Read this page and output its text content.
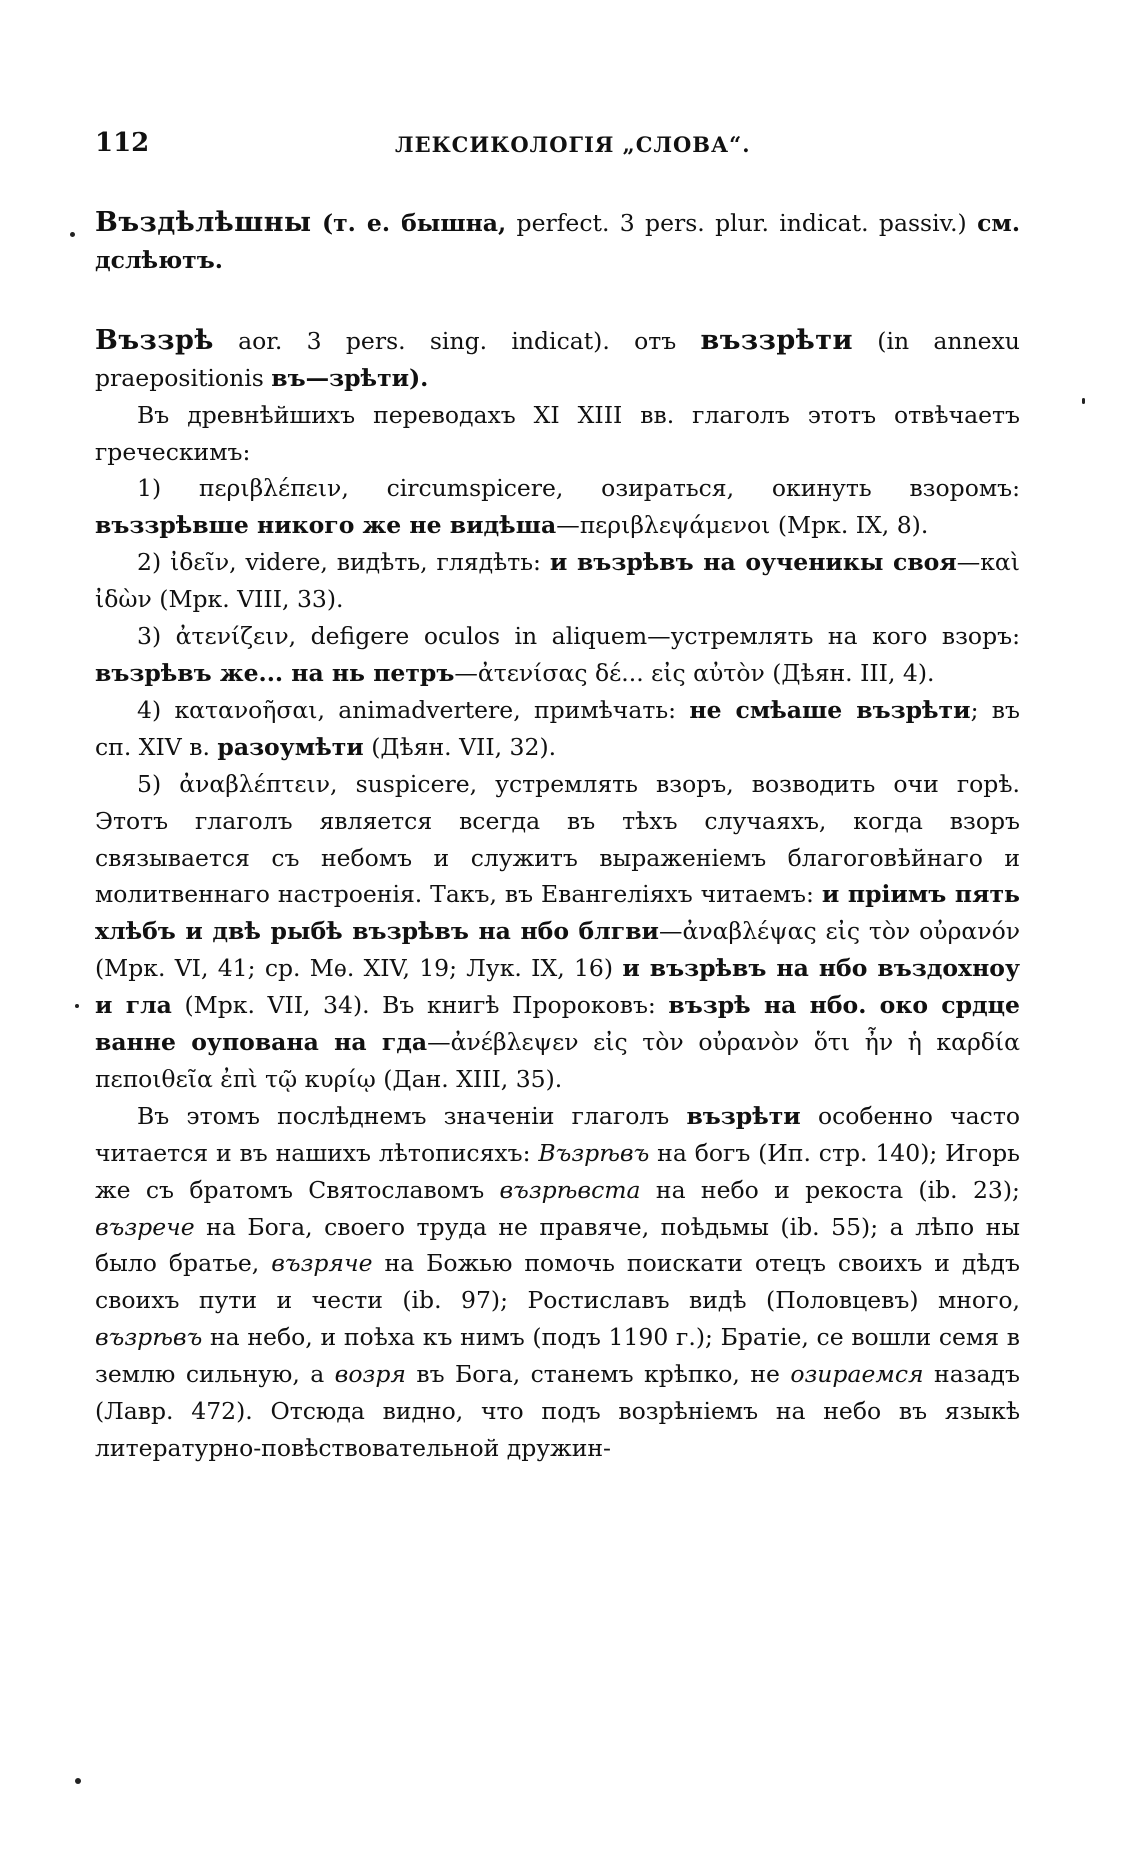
112	ЛЕКСИКОЛОГІЯ „СЛОВА“.

Въздѣлѣшны (т. е. бышна, perfect. 3 pers. plur. indicat. passiv.) см. дслѣютъ.

Въззрѣ aor. 3 pers. sing. indicat). отъ въззрѣти (in annexu praepositionis въ—зрѣти).

Въ древнѣйшихъ переводахъ XI XIII вв. глаголъ этотъ отвѣчаетъ греческимъ:

1) περιβλέπειν, circumspicere, озираться, окинуть взоромъ: въззрѣвше никого же не видѣша—περιβλεψάμενοι (Мрк. IX, 8).

2) ἰδεῖν, videre, видѣть, глядѣть: и възрѣвъ на оученикы своя—καὶ ἰδὼν (Мрк. VIII, 33).

3) ἀτενίζειν, defigere oculos in aliquem—устремлять на кого взоръ: възрѣвъ же... на нь петръ—ἀτενίσας δέ... εἰς αὐτὸν (Дѣян. III, 4).

4) κατανοῆσαι, animadvertere, примѣчать: не смѣаше възрѣти; въ сп. XIV в. разоумѣти (Дѣян. VII, 32).

5) ἀναβλέπτειν, suspicere, устремлять взоръ, возводить очи горѣ. Этотъ глаголъ является всегда въ тѣхъ случаяхъ, когда взоръ связывается съ небомъ и служитъ выраженіемъ благоговѣйнаго и молитвеннаго настроенія. Такъ, въ Евангеліяхъ читаемъ: и пріимъ пять хлѣбъ и двѣ рыбѣ възрѣвъ на нбо блгви—ἀναβλέψας εἰς τὸν οὐρανόν (Мрк. VI, 41; ср. Мѳ. XIV, 19; Лук. IX, 16) и възрѣвъ на нбо въздохноу и гла (Мрк. VII, 34). Въ книгѣ Пророковъ: възрѣ на нбо. око срдце ванне оупована на гда—ἀνέβλεψεν εἰς τὸν οὐρανὸν ὅτι ἦν ἡ καρδία πεποιθεῖα ἐπὶ τῷ κυρίῳ (Дан. XIII, 35).

Въ этомъ послѣднемъ значеніи глаголъ възрѣти особенно часто читается и въ нашихъ лѣтописяхъ: Възрѣвъ на богъ (Ип. стр. 140); Игорь же съ братомъ Святославомъ възрѣвста на небо и рекоста (ib. 23); възрече на Бога, своего труда не правяче, поѣдьмы (ib. 55); а лѣпо ны было братье, възряче на Божью помочь поискати отецъ своихъ и дѣдъ своихъ пути и чести (ib. 97); Ростиславъ видѣ (Половцевъ) много, възрѣвъ на небо, и поѣха къ нимъ (подъ 1190 г.); Братіе, се вошли семя в землю сильную, а возря въ Бога, станемъ крѣпко, не озираемся назадъ (Лавр. 472). Отсюда видно, что подъ возрѣніемъ на небо въ языкѣ литературно-повѣствовательной дружин-
